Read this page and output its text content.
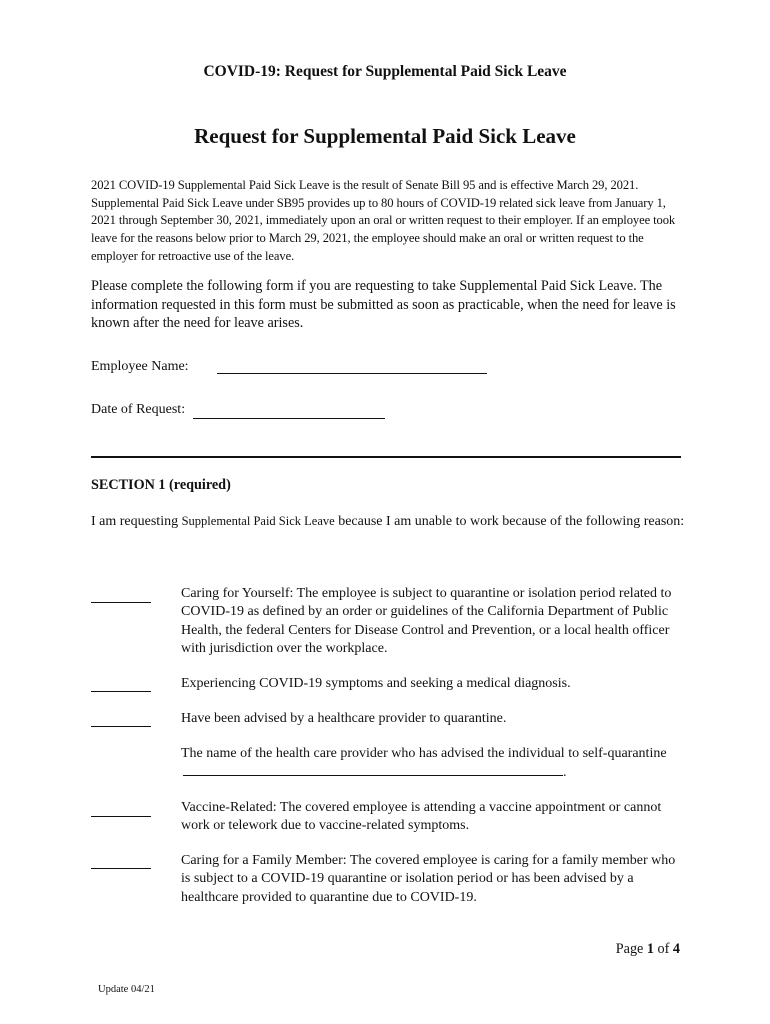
COVID-19: Request for Supplemental Paid Sick Leave
Request for Supplemental Paid Sick Leave
2021 COVID-19 Supplemental Paid Sick Leave is the result of Senate Bill 95 and is effective March 29, 2021. Supplemental Paid Sick Leave under SB95 provides up to 80 hours of COVID-19 related sick leave from January 1, 2021 through September 30, 2021, immediately upon an oral or written request to their employer. If an employee took leave for the reasons below prior to March 29, 2021, the employee should make an oral or written request to the employer for retroactive use of the leave.
Please complete the following form if you are requesting to take Supplemental Paid Sick Leave. The information requested in this form must be submitted as soon as practicable, when the need for leave is known after the need for leave arises.
Employee Name:
Date of Request:
SECTION 1 (required)
I am requesting Supplemental Paid Sick Leave because I am unable to work because of the following reason:
Caring for Yourself: The employee is subject to quarantine or isolation period related to COVID-19 as defined by an order or guidelines of the California Department of Public Health, the federal Centers for Disease Control and Prevention, or a local health officer with jurisdiction over the workplace.
Experiencing COVID-19 symptoms and seeking a medical diagnosis.
Have been advised by a healthcare provider to quarantine.
The name of the health care provider who has advised the individual to self-quarantine.
Vaccine-Related: The covered employee is attending a vaccine appointment or cannot work or telework due to vaccine-related symptoms.
Caring for a Family Member: The covered employee is caring for a family member who is subject to a COVID-19 quarantine or isolation period or has been advised by a healthcare provided to quarantine due to COVID-19.
Page 1 of 4
Update 04/21
